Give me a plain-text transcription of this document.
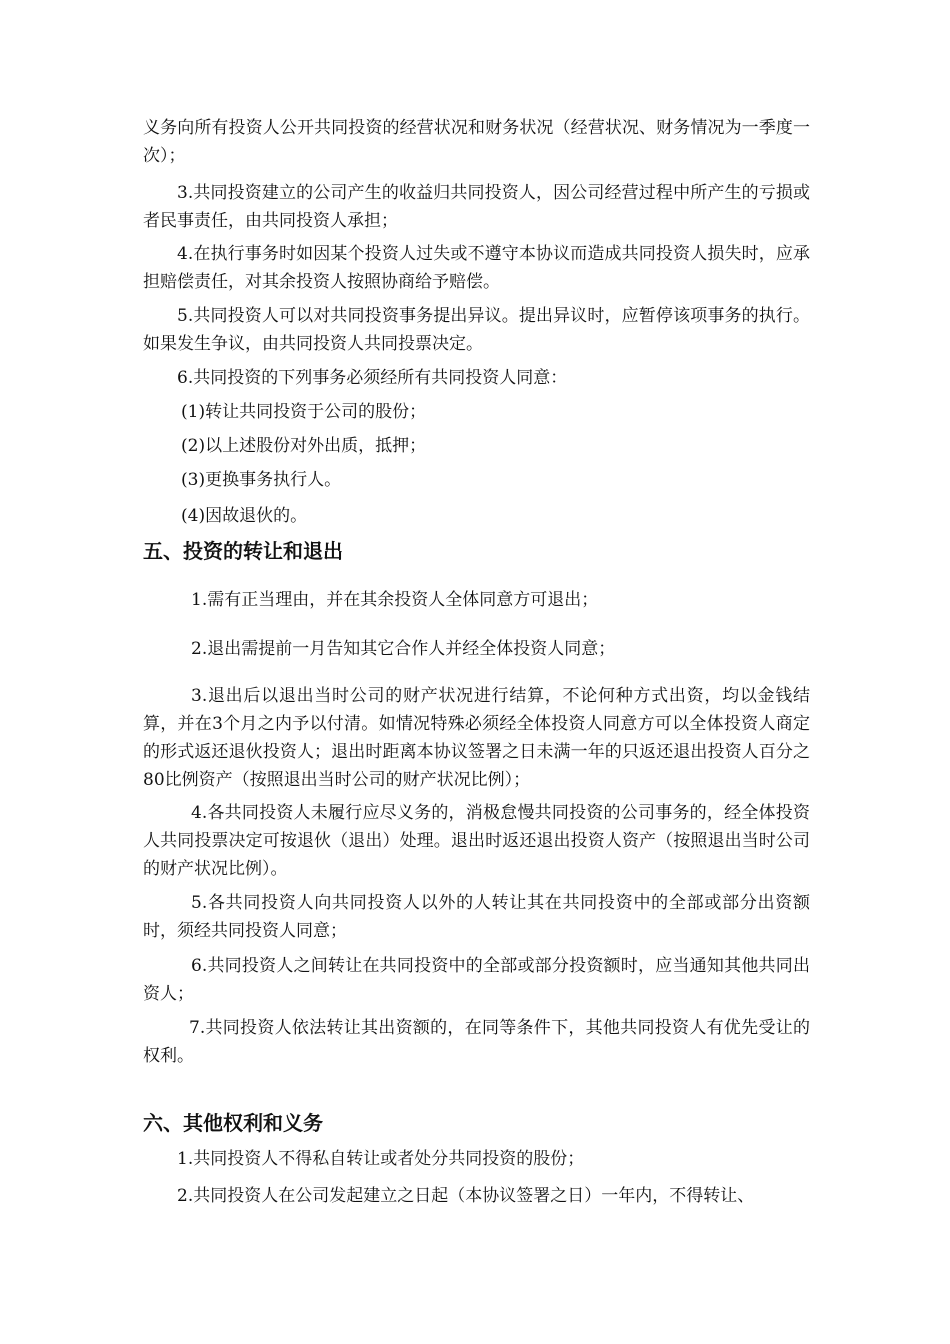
义务向所有投资人公开共同投资的经营状况和财务状况（经营状况、财务情况为一季度一次）；

3.共同投资建立的公司产生的收益归共同投资人，因公司经营过程中所产生的亏损或者民事责任，由共同投资人承担；

4.在执行事务时如因某个投资人过失或不遵守本协议而造成共同投资人损失时，应承担赔偿责任，对其余投资人按照协商给予赔偿。

5.共同投资人可以对共同投资事务提出异议。提出异议时，应暂停该项事务的执行。如果发生争议，由共同投资人共同投票决定。

6.共同投资的下列事务必须经所有共同投资人同意：

(1)转让共同投资于公司的股份；

(2)以上述股份对外出质，抵押；

(3)更换事务执行人。

(4)因故退伙的。

五、投资的转让和退出

1.需有正当理由，并在其余投资人全体同意方可退出；

2.退出需提前一月告知其它合作人并经全体投资人同意；

3.退出后以退出当时公司的财产状况进行结算，不论何种方式出资，均以金钱结算，并在3个月之内予以付清。如情况特殊必须经全体投资人同意方可以全体投资人商定的形式返还退伙投资人；退出时距离本协议签署之日未满一年的只返还退出投资人百分之80比例资产（按照退出当时公司的财产状况比例）；

4.各共同投资人未履行应尽义务的，消极怠慢共同投资的公司事务的，经全体投资人共同投票决定可按退伙（退出）处理。退出时返还退出投资人资产（按照退出当时公司的财产状况比例）。

5.各共同投资人向共同投资人以外的人转让其在共同投资中的全部或部分出资额时，须经共同投资人同意；

6.共同投资人之间转让在共同投资中的全部或部分投资额时，应当通知其他共同出资人；

7.共同投资人依法转让其出资额的，在同等条件下，其他共同投资人有优先受让的权利。

六、其他权利和义务

1.共同投资人不得私自转让或者处分共同投资的股份；

2.共同投资人在公司发起建立之日起（本协议签署之日）一年内，不得转让、
